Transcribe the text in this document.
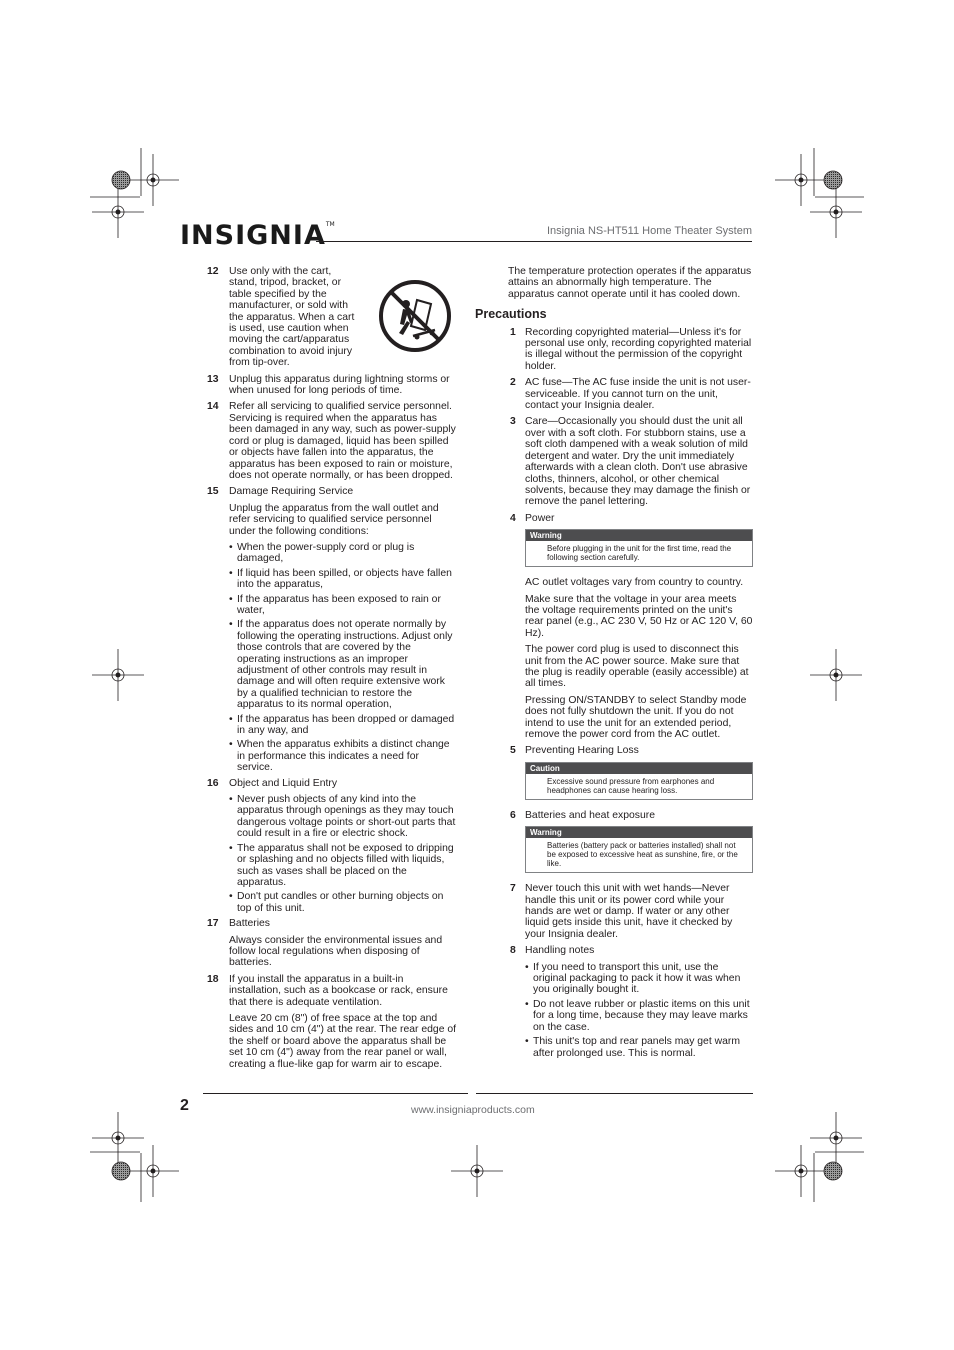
INSIGNIA™
Insignia NS-HT511 Home Theater System
12 Use only with the cart, stand, tripod, bracket, or table specified by the manufacturer, or sold with the apparatus. When a cart is used, use caution when moving the cart/apparatus combination to avoid injury from tip-over.
13 Unplug this apparatus during lightning storms or when unused for long periods of time.
14 Refer all servicing to qualified service personnel. Servicing is required when the apparatus has been damaged in any way, such as power-supply cord or plug is damaged, liquid has been spilled or objects have fallen into the apparatus, the apparatus has been exposed to rain or moisture, does not operate normally, or has been dropped.
15 Damage Requiring Service
Unplug the apparatus from the wall outlet and refer servicing to qualified service personnel under the following conditions:
• When the power-supply cord or plug is damaged,
• If liquid has been spilled, or objects have fallen into the apparatus,
• If the apparatus has been exposed to rain or water,
• If the apparatus does not operate normally by following the operating instructions. Adjust only those controls that are covered by the operating instructions as an improper adjustment of other controls may result in damage and will often require extensive work by a qualified technician to restore the apparatus to its normal operation,
• If the apparatus has been dropped or damaged in any way, and
• When the apparatus exhibits a distinct change in performance this indicates a need for service.
16 Object and Liquid Entry
• Never push objects of any kind into the apparatus through openings as they may touch dangerous voltage points or short-out parts that could result in a fire or electric shock.
• The apparatus shall not be exposed to dripping or splashing and no objects filled with liquids, such as vases shall be placed on the apparatus.
• Don't put candles or other burning objects on top of this unit.
17 Batteries
Always consider the environmental issues and follow local regulations when disposing of batteries.
18 If you install the apparatus in a built-in installation, such as a bookcase or rack, ensure that there is adequate ventilation.
Leave 20 cm (8") of free space at the top and sides and 10 cm (4") at the rear. The rear edge of the shelf or board above the apparatus shall be set 10 cm (4") away from the rear panel or wall, creating a flue-like gap for warm air to escape.
The temperature protection operates if the apparatus attains an abnormally high temperature. The apparatus cannot operate until it has cooled down.
Precautions
1 Recording copyrighted material—Unless it's for personal use only, recording copyrighted material is illegal without the permission of the copyright holder.
2 AC fuse—The AC fuse inside the unit is not user-serviceable. If you cannot turn on the unit, contact your Insignia dealer.
3 Care—Occasionally you should dust the unit all over with a soft cloth. For stubborn stains, use a soft cloth dampened with a weak solution of mild detergent and water. Dry the unit immediately afterwards with a clean cloth. Don't use abrasive cloths, thinners, alcohol, or other chemical solvents, because they may damage the finish or remove the panel lettering.
4 Power
Warning
Before plugging in the unit for the first time, read the following section carefully.
AC outlet voltages vary from country to country.
Make sure that the voltage in your area meets the voltage requirements printed on the unit's rear panel (e.g., AC 230 V, 50 Hz or AC 120 V, 60 Hz).
The power cord plug is used to disconnect this unit from the AC power source. Make sure that the plug is readily operable (easily accessible) at all times.
Pressing ON/STANDBY to select Standby mode does not fully shutdown the unit. If you do not intend to use the unit for an extended period, remove the power cord from the AC outlet.
5 Preventing Hearing Loss
Caution
Excessive sound pressure from earphones and headphones can cause hearing loss.
6 Batteries and heat exposure
Warning
Batteries (battery pack or batteries installed) shall not be exposed to excessive heat as sunshine, fire, or the like.
7 Never touch this unit with wet hands—Never handle this unit or its power cord while your hands are wet or damp. If water or any other liquid gets inside this unit, have it checked by your Insignia dealer.
8 Handling notes
• If you need to transport this unit, use the original packaging to pack it how it was when you originally bought it.
• Do not leave rubber or plastic items on this unit for a long time, because they may leave marks on the case.
• This unit's top and rear panels may get warm after prolonged use. This is normal.
2	www.insigniaproducts.com
